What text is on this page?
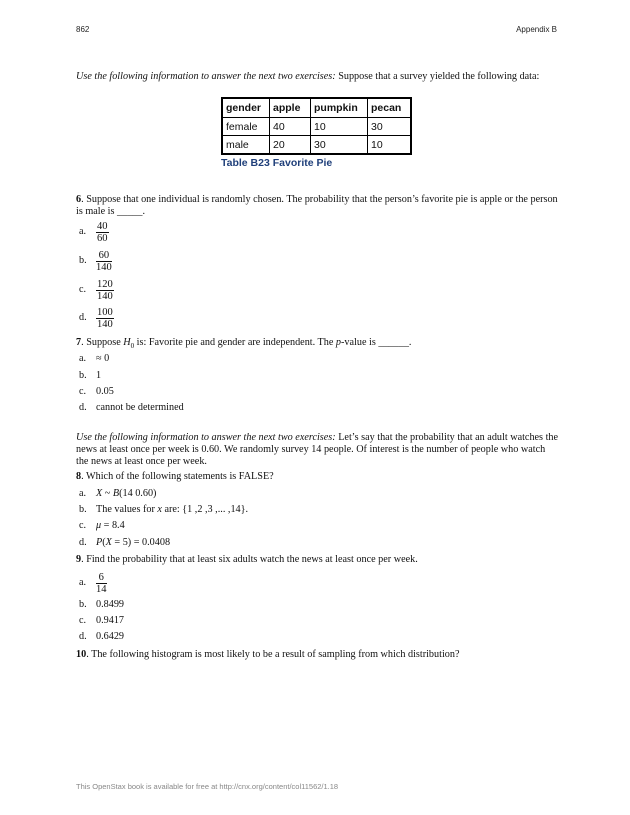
862	Appendix B
Use the following information to answer the next two exercises: Suppose that a survey yielded the following data:
gender	apple	pumpkin	pecan
female	40	10	30
male	20	30	10
Table B23 Favorite Pie
6. Suppose that one individual is randomly chosen. The probability that the person’s favorite pie is apple or the person is male is _____.
a. $\frac{40}{60}$
b. $\frac{60}{140}$
c. $\frac{120}{140}$
d. $\frac{100}{140}$
7. Suppose $H_0$ is: Favorite pie and gender are independent. The p-value is ______.
a. ≈ 0
b. 1
c. 0.05
d. cannot be determined
Use the following information to answer the next two exercises: Let’s say that the probability that an adult watches the news at least once per week is 0.60. We randomly survey 14 people. Of interest is the number of people who watch the news at least once per week.
8. Which of the following statements is FALSE?
a. X ~ B(14 0.60)
b. The values for x are: {1 ,2 ,3 ,... ,14}.
c. μ = 8.4
d. P(X = 5) = 0.0408
9. Find the probability that at least six adults watch the news at least once per week.
a. $\frac{6}{14}$
b. 0.8499
c. 0.9417
d. 0.6429
10. The following histogram is most likely to be a result of sampling from which distribution?
This OpenStax book is available for free at http://cnx.org/content/col11562/1.18
